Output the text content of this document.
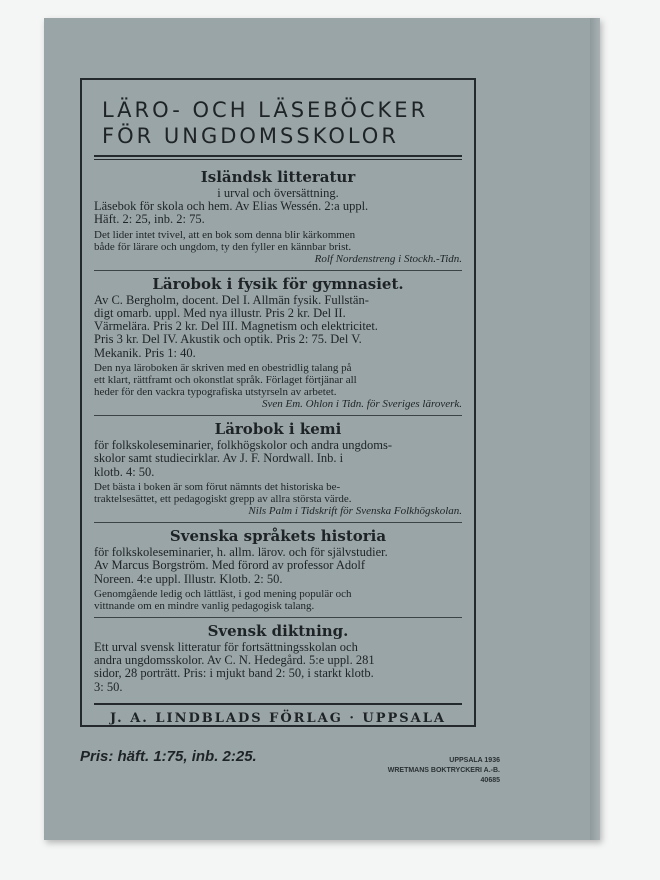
LÄRO- OCH LÄSEBÖCKER
FÖR UNGDOMSSKOLOR
Isländsk litteratur
i urval och översättning.
Läsebok för skola och hem. Av Elias Wessén. 2:a uppl.
Häft. 2: 25, inb. 2: 75.
Det lider intet tvivel, att en bok som denna blir kärkommen
både för lärare och ungdom, ty den fyller en kännbar brist.
Rolf Nordenstreng i Stockh.-Tidn.
Lärobok i fysik för gymnasiet.
Av C. Bergholm, docent. Del I. Allmän fysik. Fullstän-
digt omarb. uppl. Med nya illustr. Pris 2 kr. Del II.
Värmelära. Pris 2 kr. Del III. Magnetism och elektricitet.
Pris 3 kr. Del IV. Akustik och optik. Pris 2: 75. Del V.
Mekanik. Pris 1: 40.
Den nya läroboken är skriven med en obestridlig talang på
ett klart, rättframt och okonstlat språk. Förlaget förtjänar all
heder för den vackra typografiska utstyrseln av arbetet.
Sven Em. Ohlon i Tidn. för Sveriges läroverk.
Lärobok i kemi
för folkskoleseminarier, folkhögskolor och andra ungdoms-
skolor samt studiecirklar. Av J. F. Nordwall. Inb. i
klotb. 4: 50.
Det bästa i boken är som förut nämnts det historiska be-
traktelsesättet, ett pedagogiskt grepp av allra största värde.
Nils Palm i Tidskrift för Svenska Folkhögskolan.
Svenska språkets historia
för folkskoleseminarier, h. allm. lärov. och för självstudier.
Av Marcus Borgström. Med förord av professor Adolf
Noreen. 4:e uppl. Illustr. Klotb. 2: 50.
Genomgående ledig och lättläst, i god mening populär och
vittnande om en mindre vanlig pedagogisk talang.
Svensk diktning.
Ett urval svensk litteratur för fortsättningsskolan och
andra ungdomsskolor. Av C. N. Hedegård. 5:e uppl. 281
sidor, 28 porträtt. Pris: i mjukt band 2: 50, i starkt klotb.
3: 50.
J. A. LINDBLADS FÖRLAG · UPPSALA
Pris: häft. 1:75, inb. 2:25.	UPPSALA 1936
WRETMANS BOKTRYCKERI A.-B.
40685
